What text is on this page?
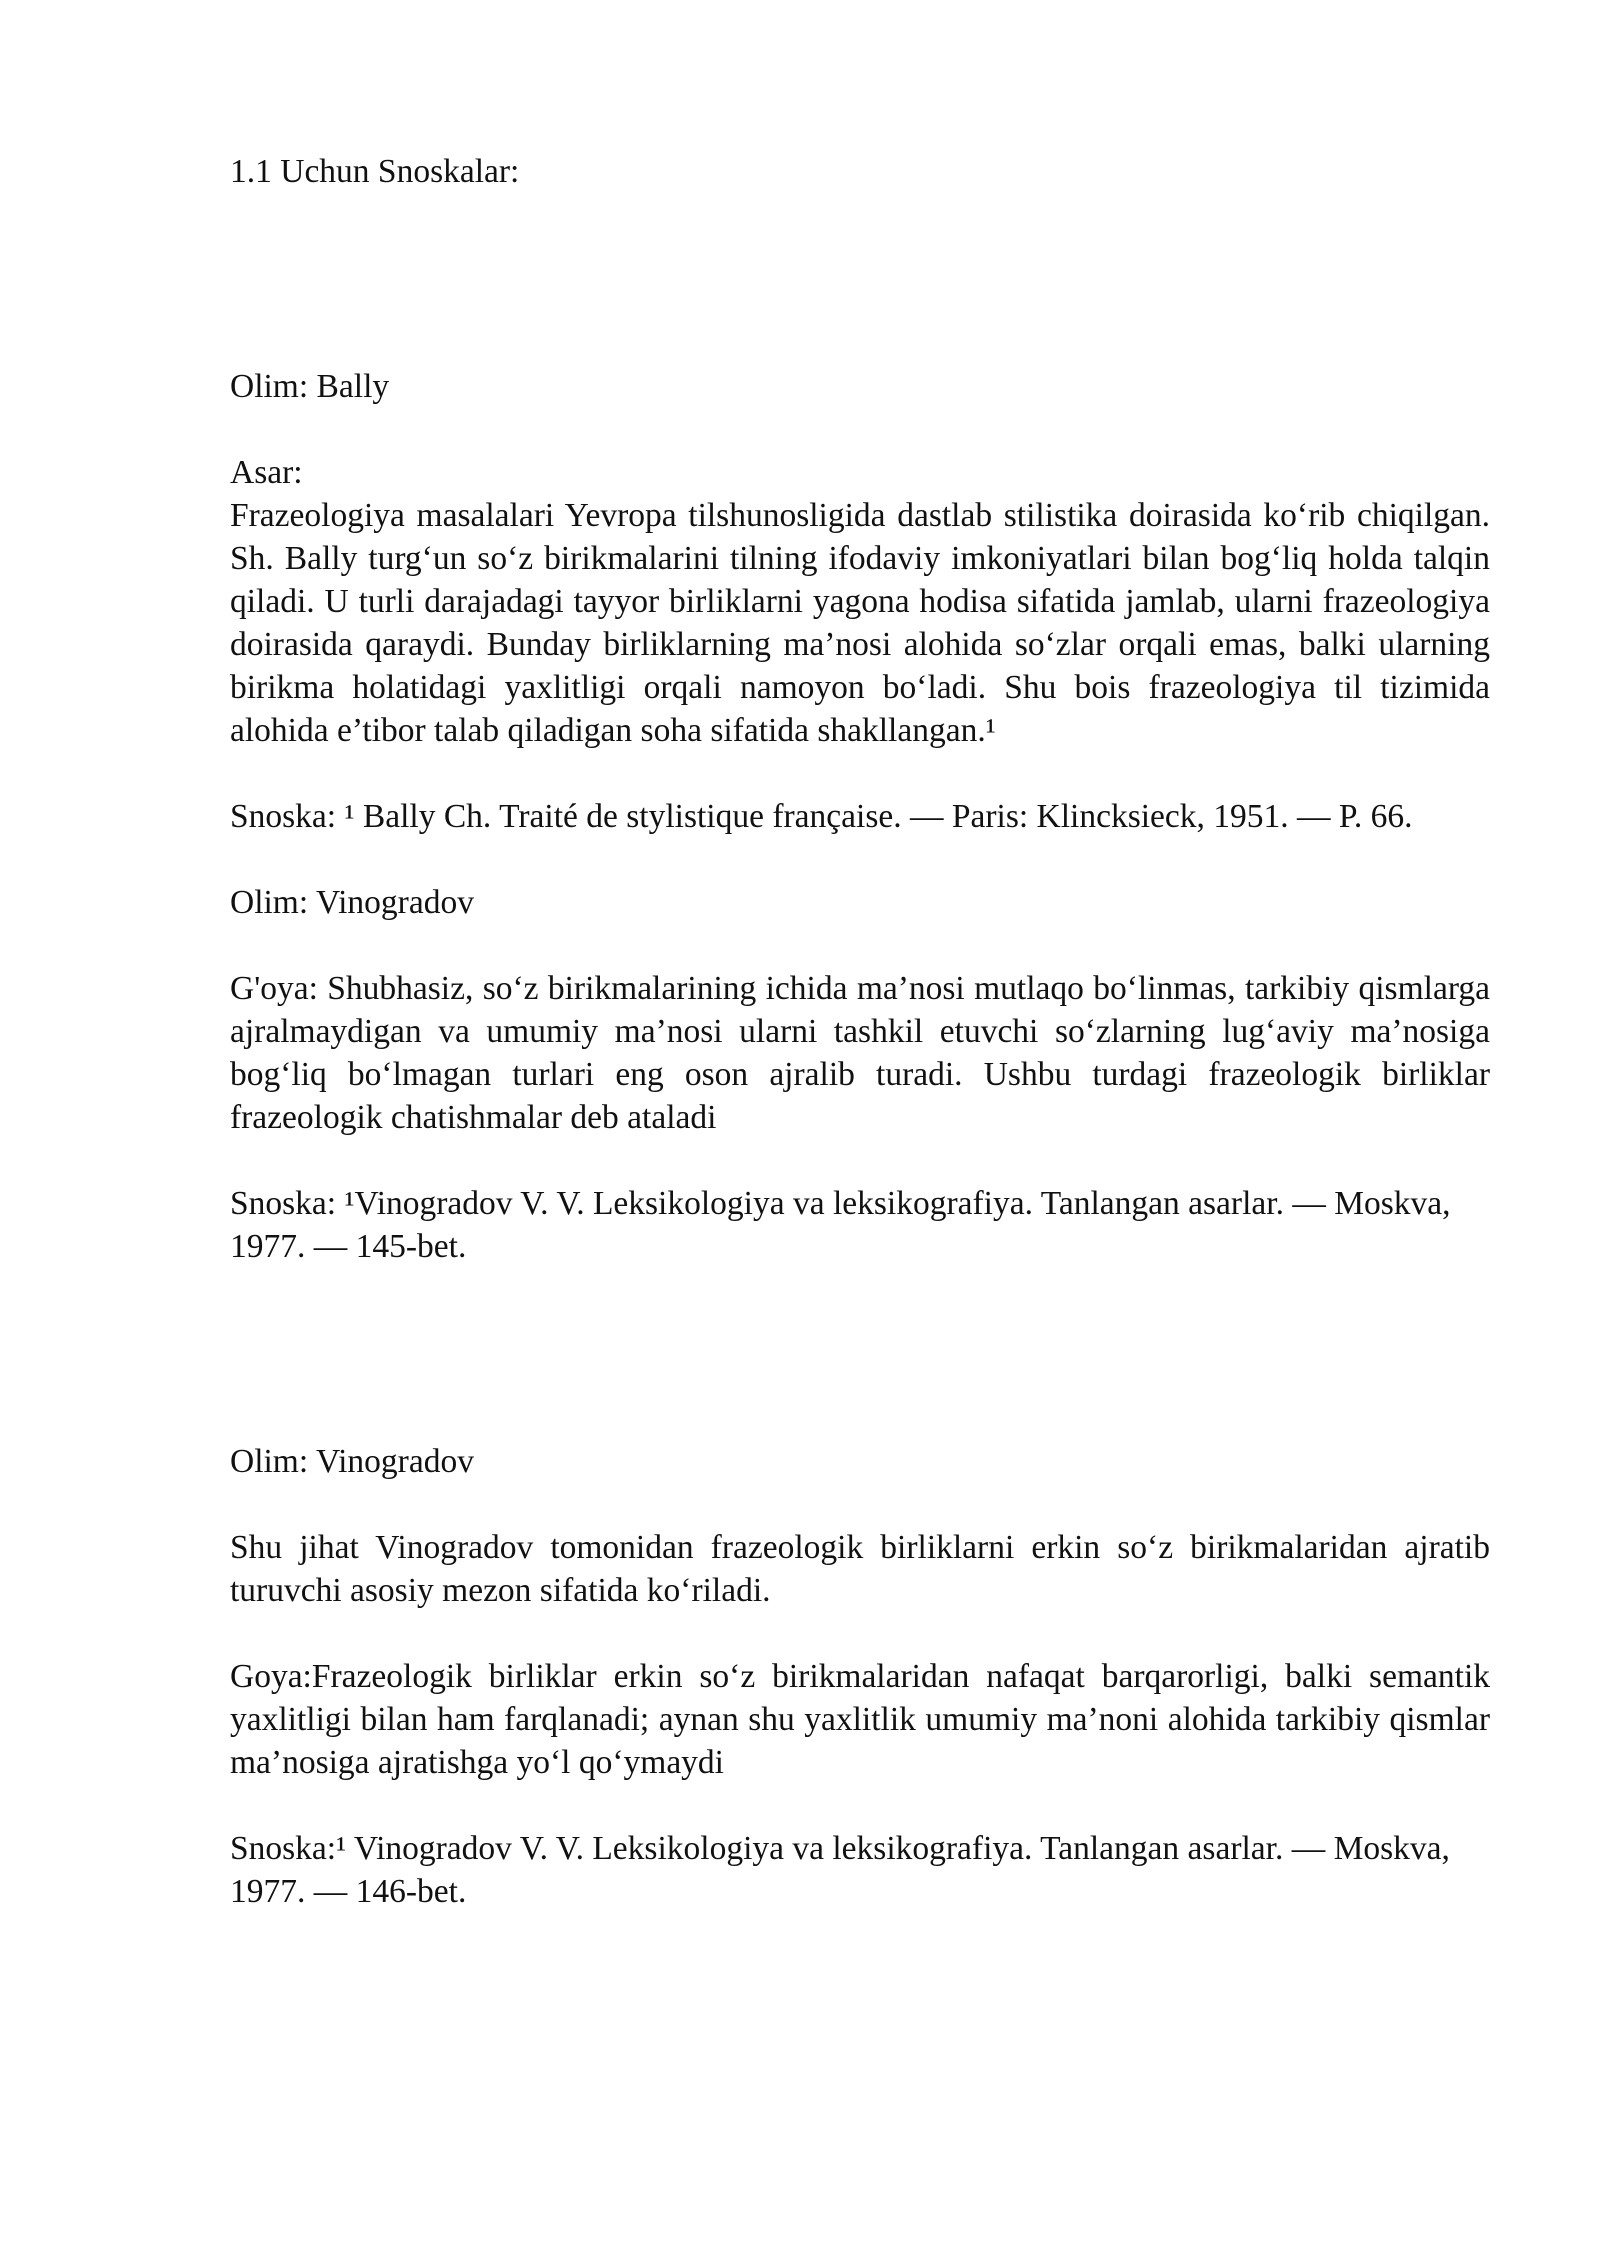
1.1 Uchun Snoskalar:

Olim: Bally

Asar:

Frazeologiya masalalari Yevropa tilshunosligida dastlab stilistika doirasida ko‘rib chiqilgan. Sh. Bally turg‘un so‘z birikmalarini tilning ifodaviy imkoniyatlari bilan bog‘liq holda talqin qiladi. U turli darajadagi tayyor birliklarni yagona hodisa sifatida jamlab, ularni frazeologiya doirasida qaraydi. Bunday birliklarning ma’nosi alohida so‘zlar orqali emas, balki ularning birikma holatidagi yaxlitligi orqali namoyon bo‘ladi. Shu bois frazeologiya til tizimida alohida e’tibor talab qiladigan soha sifatida shakllangan.¹

Snoska: ¹ Bally Ch. Traité de stylistique française. — Paris: Klincksieck, 1951. — P. 66.

Olim: Vinogradov

G'oya: Shubhasiz, so‘z birikmalarining ichida ma’nosi mutlaqo bo‘linmas, tarkibiy qismlarga ajralmaydigan va umumiy ma’nosi ularni tashkil etuvchi so‘zlarning lug‘aviy ma’nosiga bog‘liq bo‘lmagan turlari eng oson ajralib turadi. Ushbu turdagi frazeologik birliklar frazeologik chatishmalar deb ataladi

Snoska: ¹Vinogradov V. V. Leksikologiya va leksikografiya. Tanlangan asarlar. — Moskva, 1977. — 145-bet.

Olim: Vinogradov

Shu jihat Vinogradov tomonidan frazeologik birliklarni erkin so‘z birikmalaridan ajratib turuvchi asosiy mezon sifatida ko‘riladi.

Goya:Frazeologik birliklar erkin so‘z birikmalaridan nafaqat barqarorligi, balki semantik yaxlitligi bilan ham farqlanadi; aynan shu yaxlitlik umumiy ma’noni alohida tarkibiy qismlar ma’nosiga ajratishga yo‘l qo‘ymaydi

Snoska:¹ Vinogradov V. V. Leksikologiya va leksikografiya. Tanlangan asarlar. — Moskva, 1977. — 146-bet.
